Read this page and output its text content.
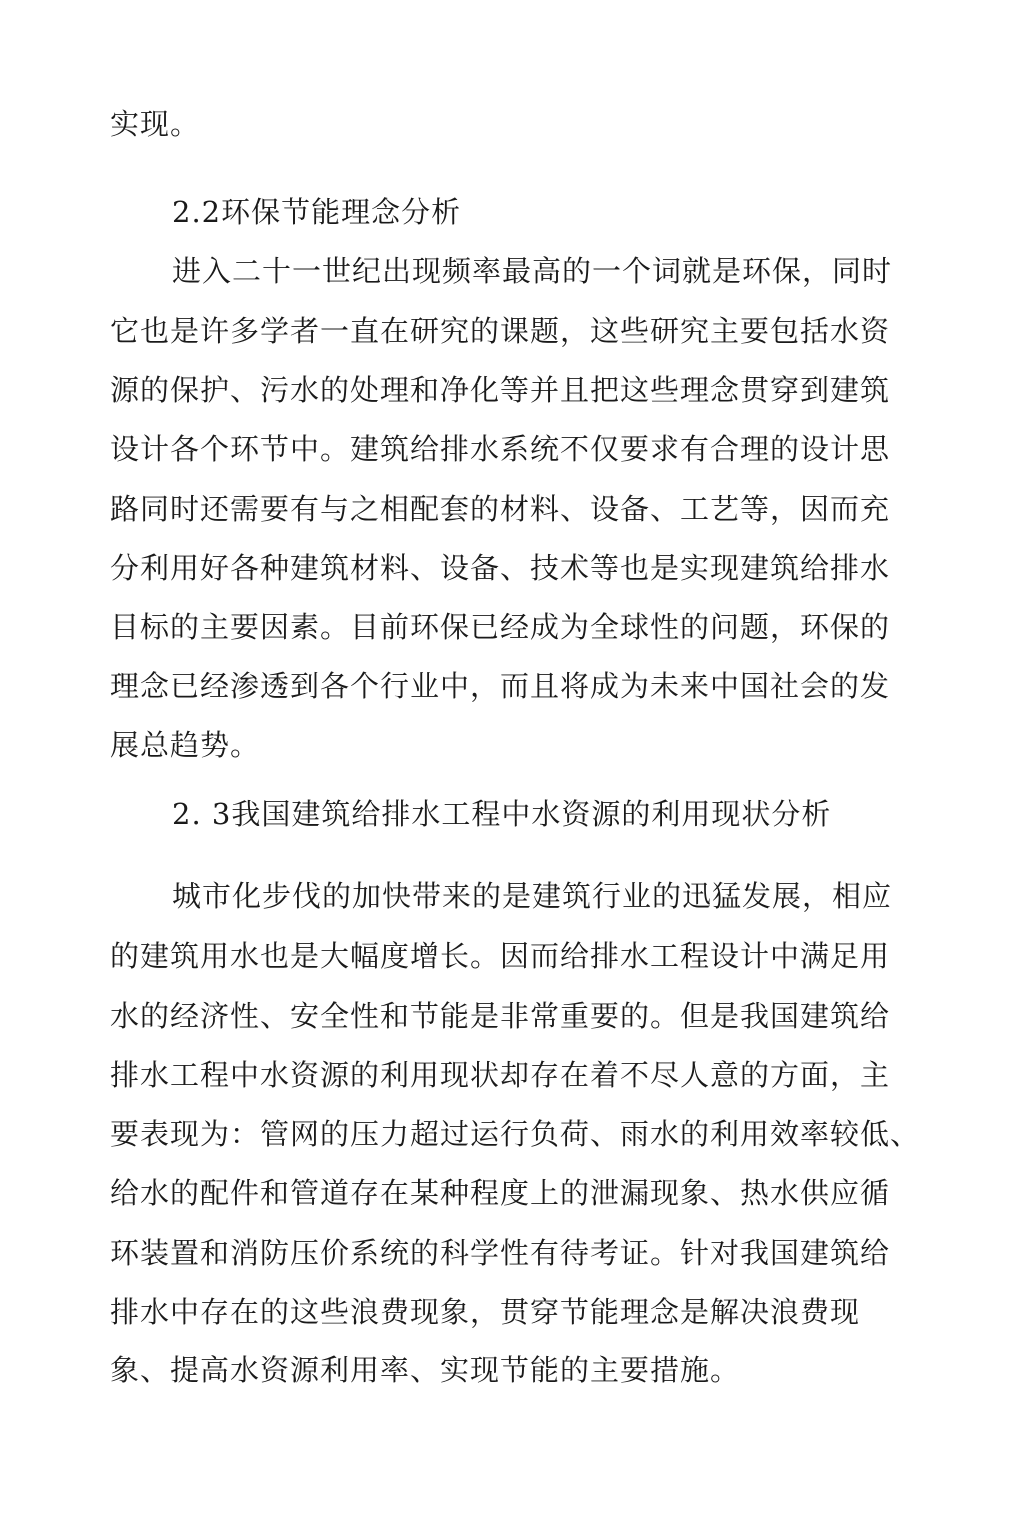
实现。
2.2环保节能理念分析
进入二十一世纪出现频率最高的一个词就是环保，同时
它也是许多学者一直在研究的课题，这些研究主要包括水资
源的保护、污水的处理和净化等并且把这些理念贯穿到建筑
设计各个环节中。建筑给排水系统不仅要求有合理的设计思
路同时还需要有与之相配套的材料、设备、工艺等，因而充
分利用好各种建筑材料、设备、技术等也是实现建筑给排水
目标的主要因素。目前环保已经成为全球性的问题，环保的
理念已经渗透到各个行业中，而且将成为未来中国社会的发
展总趋势。
2. 3我国建筑给排水工程中水资源的利用现状分析
城市化步伐的加快带来的是建筑行业的迅猛发展，相应
的建筑用水也是大幅度增长。因而给排水工程设计中满足用
水的经济性、安全性和节能是非常重要的。但是我国建筑给
排水工程中水资源的利用现状却存在着不尽人意的方面，主
要表现为：管网的压力超过运行负荷、雨水的利用效率较低、
给水的配件和管道存在某种程度上的泄漏现象、热水供应循
环装置和消防压价系统的科学性有待考证。针对我国建筑给
排水中存在的这些浪费现象，贯穿节能理念是解决浪费现
象、提高水资源利用率、实现节能的主要措施。
